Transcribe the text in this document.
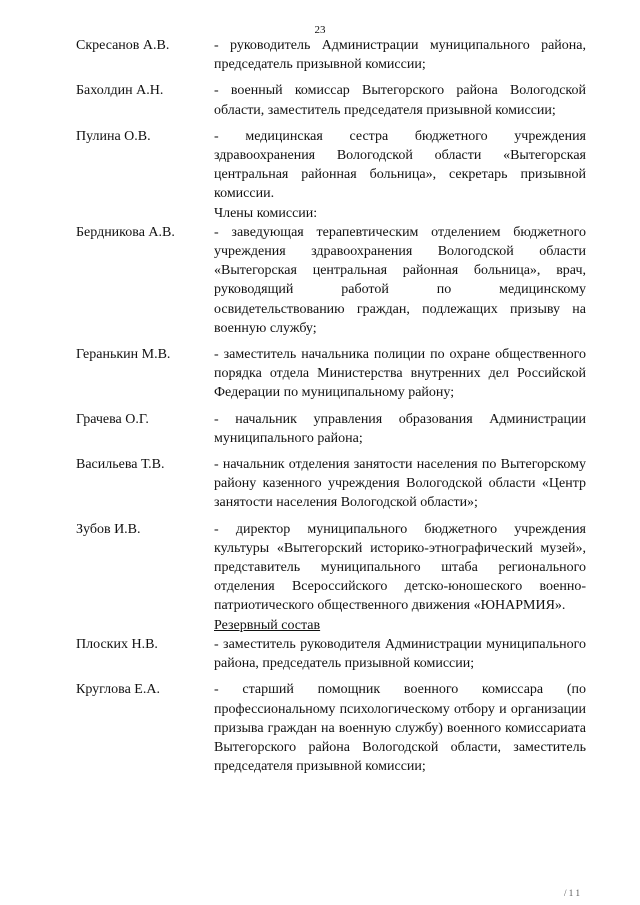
23
Скресанов А.В.	- руководитель Администрации муниципального района, председатель призывной комиссии;
Бахолдин А.Н.	- военный комиссар Вытегорского района Вологодской области, заместитель председателя призывной комиссии;
Пулина О.В.	- медицинская сестра бюджетного учреждения здравоохранения Вологодской области «Вытегорская центральная районная больница», секретарь призывной комиссии.
Члены комиссии:
Бердникова А.В.	- заведующая терапевтическим отделением бюджетного учреждения здравоохранения Вологодской области «Вытегорская центральная районная больница», врач, руководящий работой по медицинскому освидетельствованию граждан, подлежащих призыву на военную службу;
Геранькин М.В.	- заместитель начальника полиции по охране общественного порядка отдела Министерства внутренних дел Российской Федерации по муниципальному району;
Грачева О.Г.	- начальник управления образования Администрации муниципального района;
Васильева Т.В.	- начальник отделения занятости населения по Вытегорскому району казенного учреждения Вологодской области «Центр занятости населения Вологодской области»;
Зубов И.В.	- директор муниципального бюджетного учреждения культуры «Вытегорский историко-этнографический музей», представитель муниципального штаба регионального отделения Всероссийского детско-юношеского военно-патриотического общественного движения «ЮНАРМИЯ».
Резервный состав
Плоских Н.В.	- заместитель руководителя Администрации муниципального района, председатель призывной комиссии;
Круглова Е.А.	- старший помощник военного комиссара (по профессиональному психологическому отбору и организации призыва граждан на военную службу) военного комиссариата Вытегорского района Вологодской области, заместитель председателя призывной комиссии;
/ 1 1
